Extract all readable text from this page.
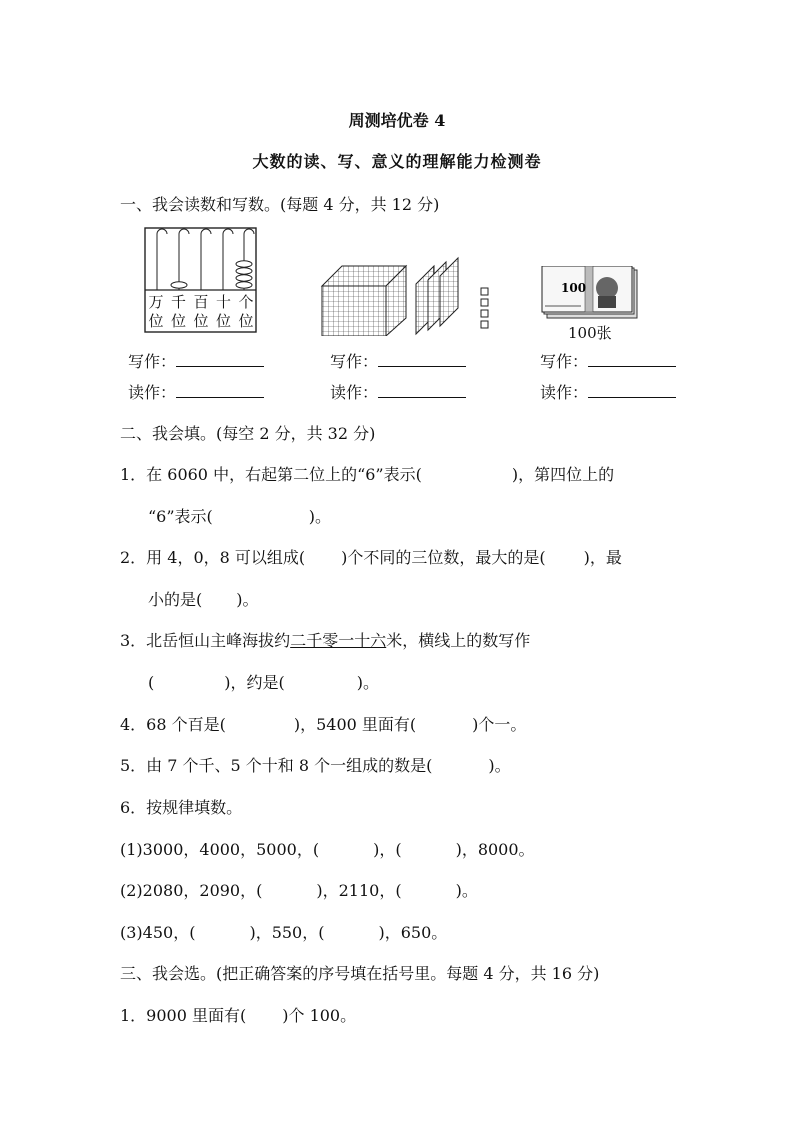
周测培优卷 4
大数的读、写、意义的理解能力检测卷
一、我会读数和写数。(每题 4 分，共 12 分)
万
位
千
位
百
位
十
位
个
位
100
100张
写作：
读作：
写作：
读作：
写作：
读作：
二、我会填。(每空 2 分，共 32 分)
1．在 6060 中，右起第二位上的“6”表示(	)，第四位上的
“6”表示(	)。
2．用 4，0，8 可以组成( )个不同的三位数，最大的是( )，最
小的是( )。
3．北岳恒山主峰海拔约二千零一十六米，横线上的数写作
(	)，约是(	)。
4．68 个百是(	)，5400 里面有(	)个一。
5．由 7 个千、5 个十和 8 个一组成的数是(	)。
6．按规律填数。
(1)3000，4000，5000，(	)，(	)，8000。
(2)2080，2090，(	)，2110，(	)。
(3)450，(	)，550，(	)，650。
三、我会选。(把正确答案的序号填在括号里。每题 4 分，共 16 分)
1．9000 里面有( )个 100。
